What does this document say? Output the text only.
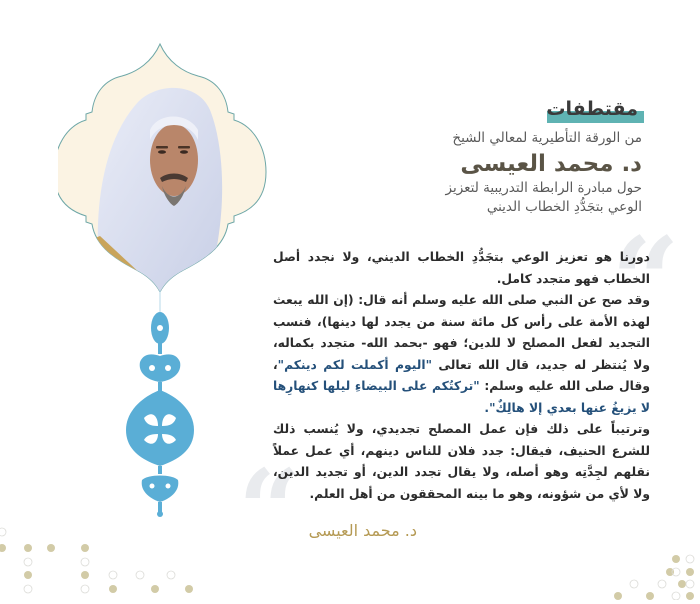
مقتطفات
من الورقة التأطيرية لمعالي الشيخ
د. محمد العيسى
حول مبادرة الرابطة التدريبية لتعزيز
الوعي بتجَدُّدِ الخطاب الديني
“
“

دورنا هو تعزيز الوعي بتجَدُّدِ الخطاب الديني، ولا نجدد أصل الخطاب فهو متجدد كامل.

وقد صح عن النبي صلى الله عليه وسلم أنه قال: (إن الله يبعث لهذه الأمة على رأس كل مائة سنة من يجدد لها دينها)، فنسب التجديد لفعل المصلح لا للدين؛ فهو -بحمد الله- متجدد بكماله، ولا يُنتظر له جديد، قال الله تعالى "اليوم أكملت لكم دينكم"، وقال صلى الله عليه وسلم: "تركتُكم على البيضاءِ ليلها كنهارِها لا يزيغُ عنها بعدي إلا هالِكٌ".

وترتيباً على ذلك فإن عمل المصلح تجديدي، ولا يُنسب ذلك للشرع الحنيف، فيقال: جدد فلان للناس دينهم، أي عمل عملاً نقلهم لجِدَّتِه وهو أصله، ولا يقال تجدد الدين، أو تجديد الدين، ولا لأي من شؤونه، وهو ما بينه المحققون من أهل العلم.

د. محمد العيسى
